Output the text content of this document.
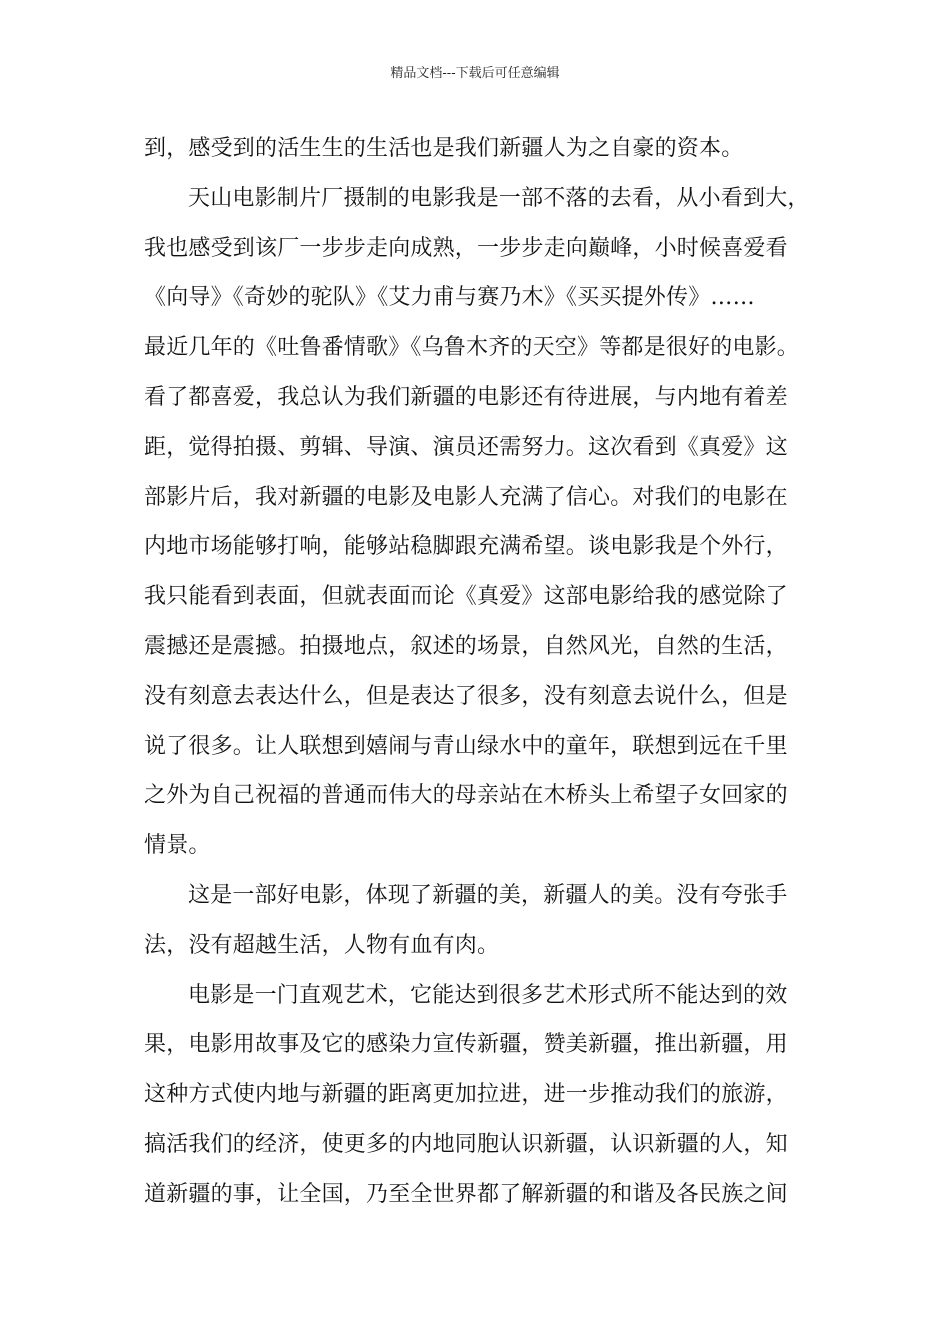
精品文档---下载后可任意编辑
到，感受到的活生生的生活也是我们新疆人为之自豪的资本。
天山电影制片厂摄制的电影我是一部不落的去看，从小看到大，
我也感受到该厂一步步走向成熟，一步步走向巅峰，小时候喜爱看
《向导》《奇妙的驼队》《艾力甫与赛乃木》《买买提外传》……
最近几年的《吐鲁番情歌》《乌鲁木齐的天空》等都是很好的电影。
看了都喜爱，我总认为我们新疆的电影还有待进展，与内地有着差
距，觉得拍摄、剪辑、导演、演员还需努力。这次看到《真爱》这
部影片后，我对新疆的电影及电影人充满了信心。对我们的电影在
内地市场能够打响，能够站稳脚跟充满希望。谈电影我是个外行，
我只能看到表面，但就表面而论《真爱》这部电影给我的感觉除了
震撼还是震撼。拍摄地点，叙述的场景，自然风光，自然的生活，
没有刻意去表达什么，但是表达了很多，没有刻意去说什么，但是
说了很多。让人联想到嬉闹与青山绿水中的童年，联想到远在千里
之外为自己祝福的普通而伟大的母亲站在木桥头上希望子女回家的
情景。
这是一部好电影，体现了新疆的美，新疆人的美。没有夸张手
法，没有超越生活，人物有血有肉。
电影是一门直观艺术，它能达到很多艺术形式所不能达到的效
果，电影用故事及它的感染力宣传新疆，赞美新疆，推出新疆，用
这种方式使内地与新疆的距离更加拉进，进一步推动我们的旅游，
搞活我们的经济，使更多的内地同胞认识新疆，认识新疆的人，知
道新疆的事，让全国，乃至全世界都了解新疆的和谐及各民族之间
